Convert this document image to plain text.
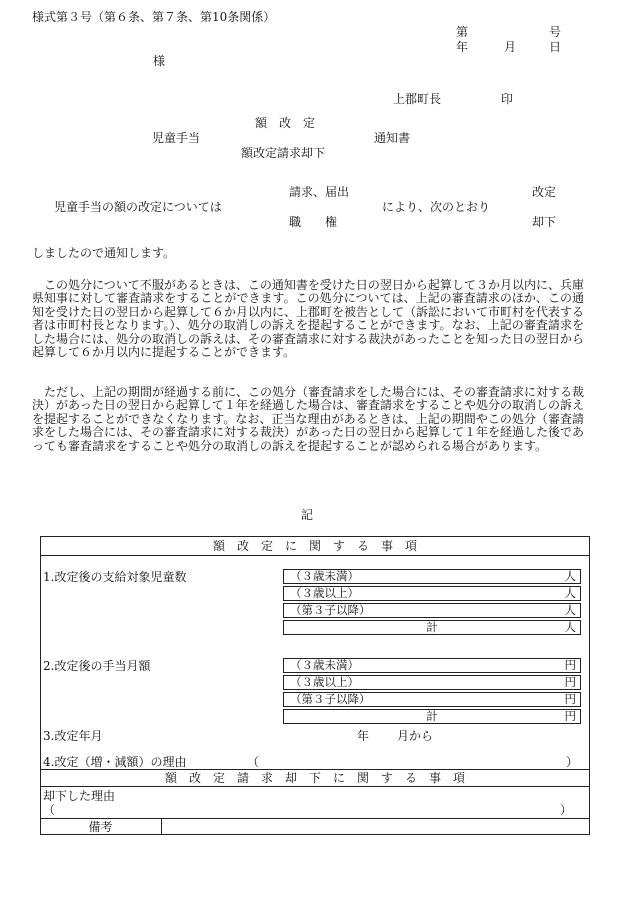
様式第３号（第６条、第７条、第10条関係）
第	号
年	月	日
様
上郡町長	印
額　改　定
児童手当	通知書
額改定請求却下
請求、届出	改定
児童手当の額の改定については	により、次のとおり
職　　権	却下
しましたので通知します。
　この処分について不服があるときは、この通知書を受けた日の翌日から起算して３か月以内に、兵庫県知事に対して審査請求をすることができます。この処分については、上記の審査請求のほか、この通知を受けた日の翌日から起算して６か月以内に、上郡町を被告として（訴訟において市町村を代表する者は市町村長となります。）、処分の取消しの訴えを提起することができます。なお、上記の審査請求をした場合には、処分の取消しの訴えは、その審査請求に対する裁決があったことを知った日の翌日から起算して６か月以内に提起することができます。
　ただし、上記の期間が経過する前に、この処分（審査請求をした場合には、その審査請求に対する裁決）があった日の翌日から起算して１年を経過した場合は、審査請求をすることや処分の取消しの訴えを提起することができなくなります。なお、正当な理由があるときは、上記の期間やこの処分（審査請求をした場合には、その審査請求に対する裁決）があった日の翌日から起算して１年を経過した後であっても審査請求をすることや処分の取消しの訴えを提起することが認められる場合があります。
記
額　改　定　に　関　す　る　事　項
1.改定後の支給対象児童数	（３歳未満）	人
（３歳以上）	人
（第３子以降）	人
計	人
2.改定後の手当月額	（３歳未満）	円
（３歳以上）	円
（第３子以降）	円
計	円
3.改定年月	年 月から
4.改定（増・減額）の理由	（	）
額　改　定　請　求　却　下　に　関　す　る　事　項
却下した理由
（	）
備考
